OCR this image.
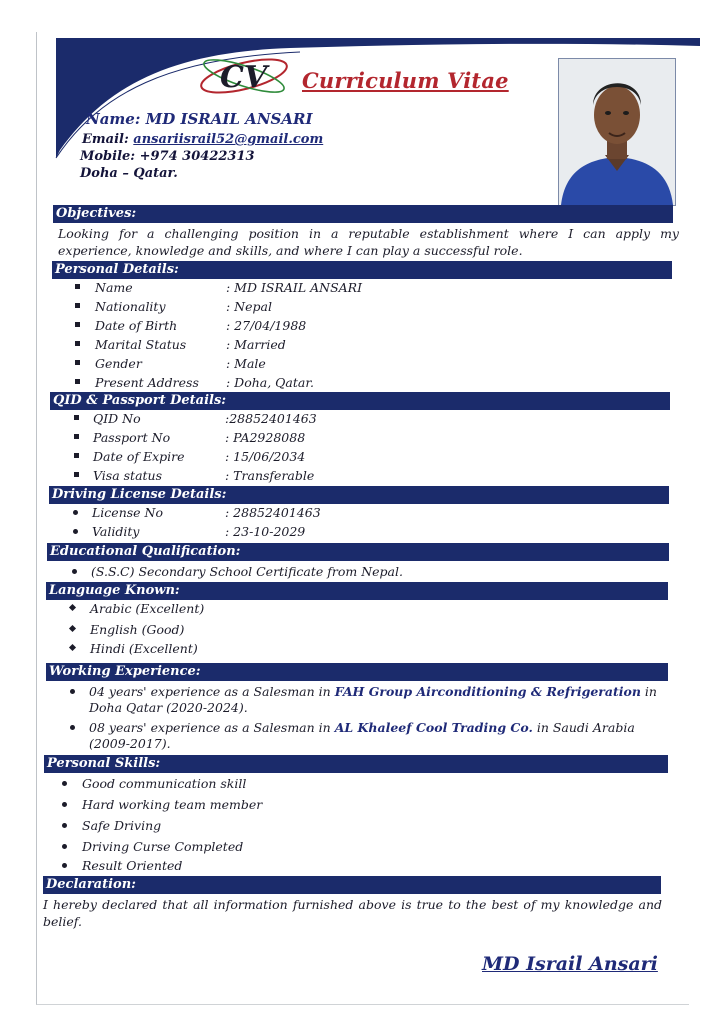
CV Curriculum Vitae
Name: MD ISRAIL ANSARI
Email: ansariisrail52@gmail.com
Mobile: +974 30422313
Doha – Qatar.
Objectives:
Looking for a challenging position in a reputable establishment where I can apply my
experience, knowledge and skills, and where I can play a successful role.
Personal Details:
Name	: MD ISRAIL ANSARI
Nationality	: Nepal
Date of Birth	: 27/04/1988
Marital Status	: Married
Gender	: Male
Present Address : Doha, Qatar.
QID & Passport Details:
QID No	:28852401463
Passport No	: PA2928088
Date of Expire	: 15/06/2034
Visa status	: Transferable
Driving License Details:
License No	: 28852401463
Validity	: 23-10-2029
Educational Qualification:
(S.S.C) Secondary School Certificate from Nepal.
Language Known:
Arabic (Excellent)
English (Good)
Hindi (Excellent)
Working Experience:
04 years' experience as a Salesman in FAH Group Airconditioning & Refrigeration in
Doha Qatar (2020-2024).
08 years' experience as a Salesman in AL Khaleef Cool Trading Co. in Saudi Arabia
(2009-2017).
Personal Skills:
Good communication skill
Hard working team member
Safe Driving
Driving Curse Completed
Result Oriented
Declaration:
I hereby declared that all information furnished above is true to the best of my knowledge and
belief.
MD Israil Ansari
